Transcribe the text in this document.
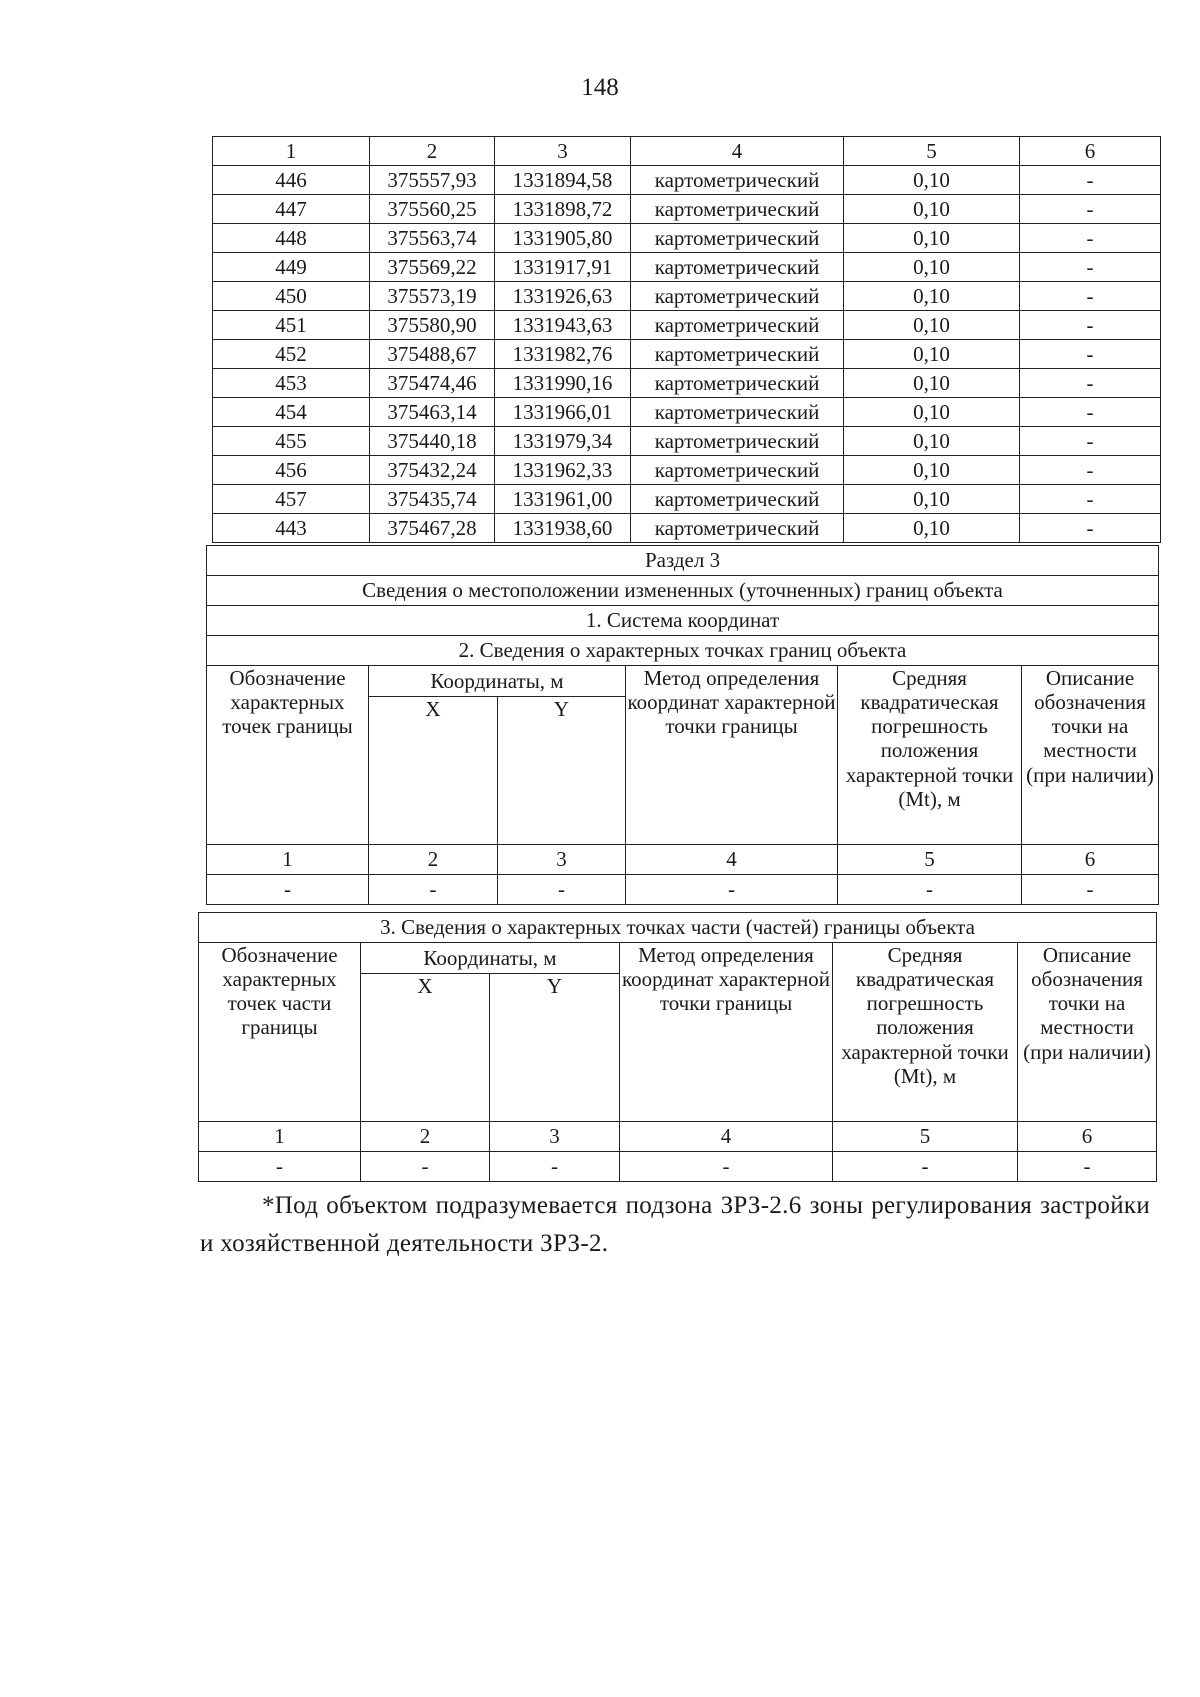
148
1	2	3	4	5	6
446	375557,93	1331894,58	картометрический	0,10	-
447	375560,25	1331898,72	картометрический	0,10	-
448	375563,74	1331905,80	картометрический	0,10	-
449	375569,22	1331917,91	картометрический	0,10	-
450	375573,19	1331926,63	картометрический	0,10	-
451	375580,90	1331943,63	картометрический	0,10	-
452	375488,67	1331982,76	картометрический	0,10	-
453	375474,46	1331990,16	картометрический	0,10	-
454	375463,14	1331966,01	картометрический	0,10	-
455	375440,18	1331979,34	картометрический	0,10	-
456	375432,24	1331962,33	картометрический	0,10	-
457	375435,74	1331961,00	картометрический	0,10	-
443	375467,28	1331938,60	картометрический	0,10	-
Раздел 3					
Сведения о местоположении измененных (уточненных) границ объекта					
1. Система координат					
2. Сведения о характерных точках границ объекта					
Обозначение характерных точек границы	Координаты, м		Метод определения координат характерной точки границы	Средняя квадратическая погрешность положения характерной точки (Mt), м	Описание обозначения точки на местности (при наличии)
	X	Y			
1	2	3	4	5	6
-	-	-	-	-	-
3. Сведения о характерных точках части (частей) границы объекта					
Обозначение характерных точек части границы	Координаты, м		Метод определения координат характерной точки границы	Средняя квадратическая погрешность положения характерной точки (Mt), м	Описание обозначения точки на местности (при наличии)
	X	Y			
1	2	3	4	5	6
-	-	-	-	-	-

*Под объектом подразумевается подзона ЗРЗ-2.6 зоны регулирования застройки и хозяйственной деятельности ЗРЗ-2.
